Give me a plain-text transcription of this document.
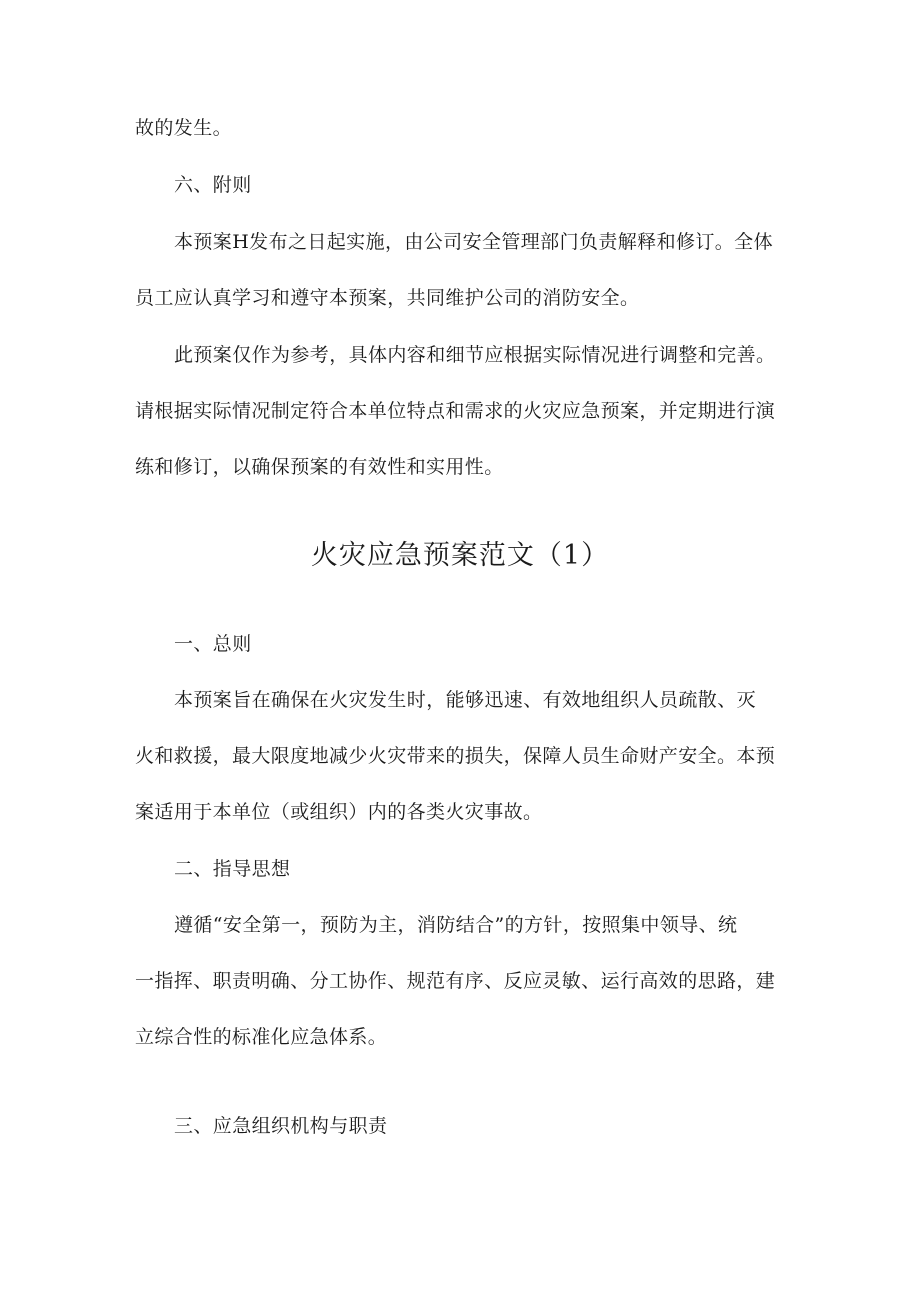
故的发生。
六、附则
本预案H发布之日起实施，由公司安全管理部门负责解释和修订。全体
员工应认真学习和遵守本预案，共同维护公司的消防安全。
此预案仅作为参考，具体内容和细节应根据实际情况进行调整和完善。
请根据实际情况制定符合本单位特点和需求的火灾应急预案，并定期进行演
练和修订，以确保预案的有效性和实用性。
火灾应急预案范文（1）
一、总则
本预案旨在确保在火灾发生时，能够迅速、有效地组织人员疏散、灭
火和救援，最大限度地减少火灾带来的损失，保障人员生命财产安全。本预
案适用于本单位（或组织）内的各类火灾事故。
二、指导思想
遵循“安全第一，预防为主，消防结合”的方针，按照集中领导、统
一指挥、职责明确、分工协作、规范有序、反应灵敏、运行高效的思路，建
立综合性的标准化应急体系。
三、应急组织机构与职责
